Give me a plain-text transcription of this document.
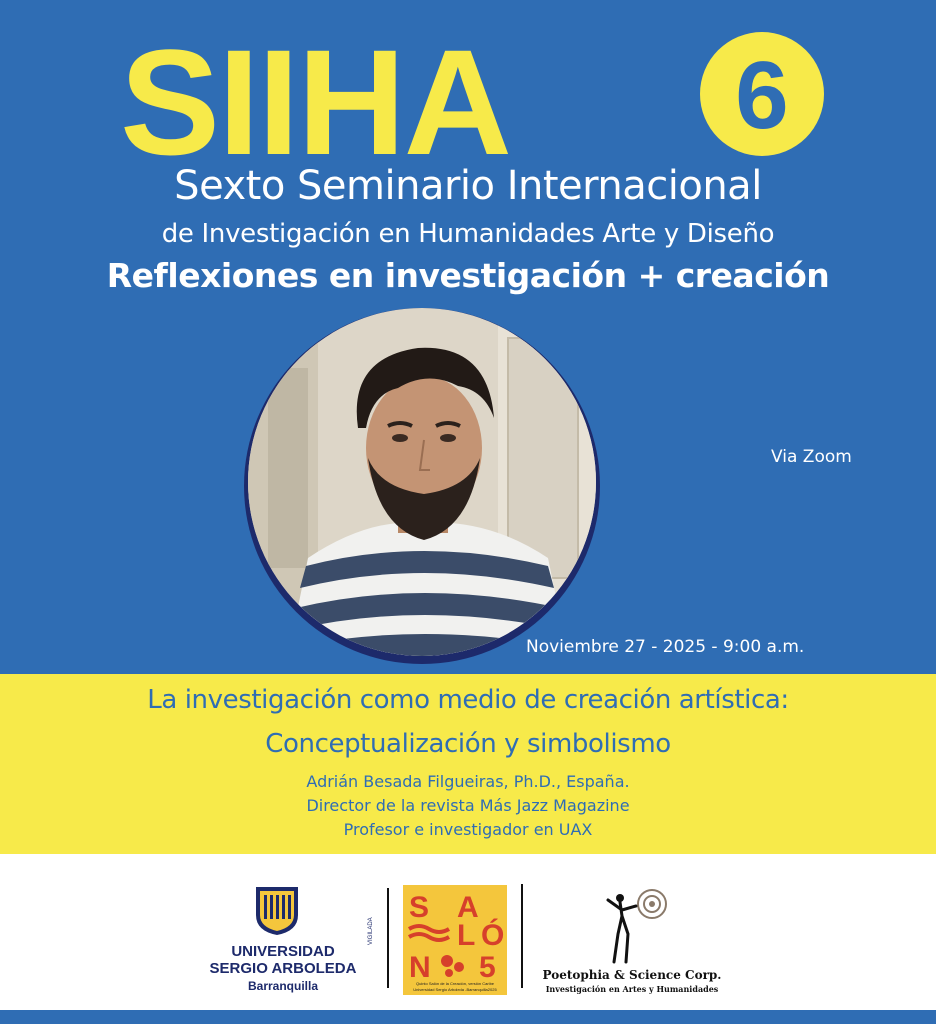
SIIHA 6
Sexto Seminario Internacional
de Investigación en Humanidades Arte y Diseño
Reflexiones en investigación + creación
Via Zoom
Noviembre 27 - 2025 - 9:00 a.m.
La investigación como medio de creación artística:
Conceptualización y simbolismo
Adrián Besada Filgueiras, Ph.D., España.
Director de la revista Más Jazz Magazine
Profesor e investigador en UAX
UNIVERSIDAD
SERGIO ARBOLEDA
Barranquilla
VIGILADA
S A
L Ó
N 5
Quinto Salón de la Creación, versión Caribe
Universidad Sergio Arboleda -Barranquilla2025
Poetophia & Science Corp.
Investigación en Artes y Humanidades
